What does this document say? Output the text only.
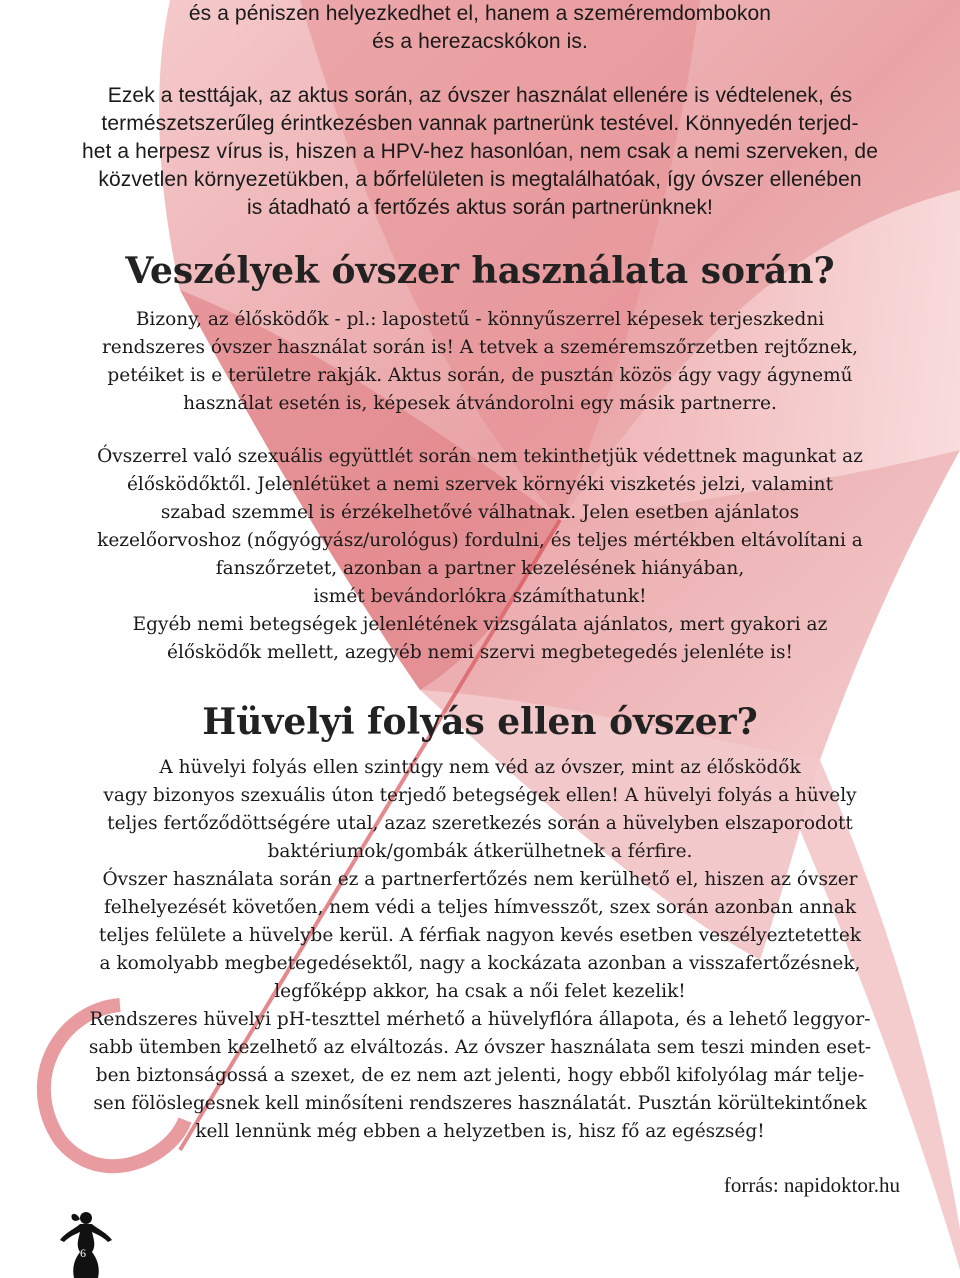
és a péniszen helyezkedhet el, hanem a szeméremdombokon
és a herezacskókon is.
Ezek a testtájak, az aktus során, az óvszer használat ellenére is védtelenek, és
természetszerűleg érintkezésben vannak partnerünk testével. Könnyedén terjed-
het a herpesz vírus is, hiszen a HPV-hez hasonlóan, nem csak a nemi szerveken, de
közvetlen környezetükben, a bőrfelületen is megtalálhatóak, így óvszer ellenében
is átadható a fertőzés aktus során partnerünknek!
Veszélyek óvszer használata során?
Bizony, az élősködők - pl.: lapostetű - könnyűszerrel képesek terjeszkedni
rendszeres óvszer használat során is! A tetvek a szeméremszőrzetben rejtőznek,
petéiket is e területre rakják. Aktus során, de pusztán közös ágy vagy ágynemű
használat esetén is, képesek átvándorolni egy másik partnerre.
Óvszerrel való szexuális együttlét során nem tekinthetjük védettnek magunkat az
élősködőktől. Jelenlétüket a nemi szervek környéki viszketés jelzi, valamint
szabad szemmel is érzékelhetővé válhatnak. Jelen esetben ajánlatos
kezelőorvoshoz (nőgyógyász/urológus) fordulni, és teljes mértékben eltávolítani a
fanszőrzetet, azonban a partner kezelésének hiányában,
ismét bevándorlókra számíthatunk!
Egyéb nemi betegségek jelenlétének vizsgálata ajánlatos, mert gyakori az
élősködők mellett, azegyéb nemi szervi megbetegedés jelenléte is!
Hüvelyi folyás ellen óvszer?
A hüvelyi folyás ellen szintúgy nem véd az óvszer, mint az élősködők
vagy bizonyos szexuális úton terjedő betegségek ellen! A hüvelyi folyás a hüvely
teljes fertőződöttségére utal, azaz szeretkezés során a hüvelyben elszaporodott
baktériumok/gombák átkerülhetnek a férfire.
Óvszer használata során ez a partnerfertőzés nem kerülhető el, hiszen az óvszer
felhelyezését követően, nem védi a teljes hímvesszőt, szex során azonban annak
teljes felülete a hüvelybe kerül. A férfiak nagyon kevés esetben veszélyeztetettek
a komolyabb megbetegedésektől, nagy a kockázata azonban a visszafertőzésnek,
legfőképp akkor, ha csak a női felet kezelik!
Rendszeres hüvelyi pH-teszttel mérhető a hüvelyflóra állapota, és a lehető leggyor-
sabb ütemben kezelhető az elváltozás. Az óvszer használata sem teszi minden eset-
ben biztonságossá a szexet, de ez nem azt jelenti, hogy ebből kifolyólag már telje-
sen fölöslegesnek kell minősíteni rendszeres használatát. Pusztán körültekintőnek
kell lennünk még ebben a helyzetben is, hisz fő az egészség!
forrás: napidoktor.hu
6
